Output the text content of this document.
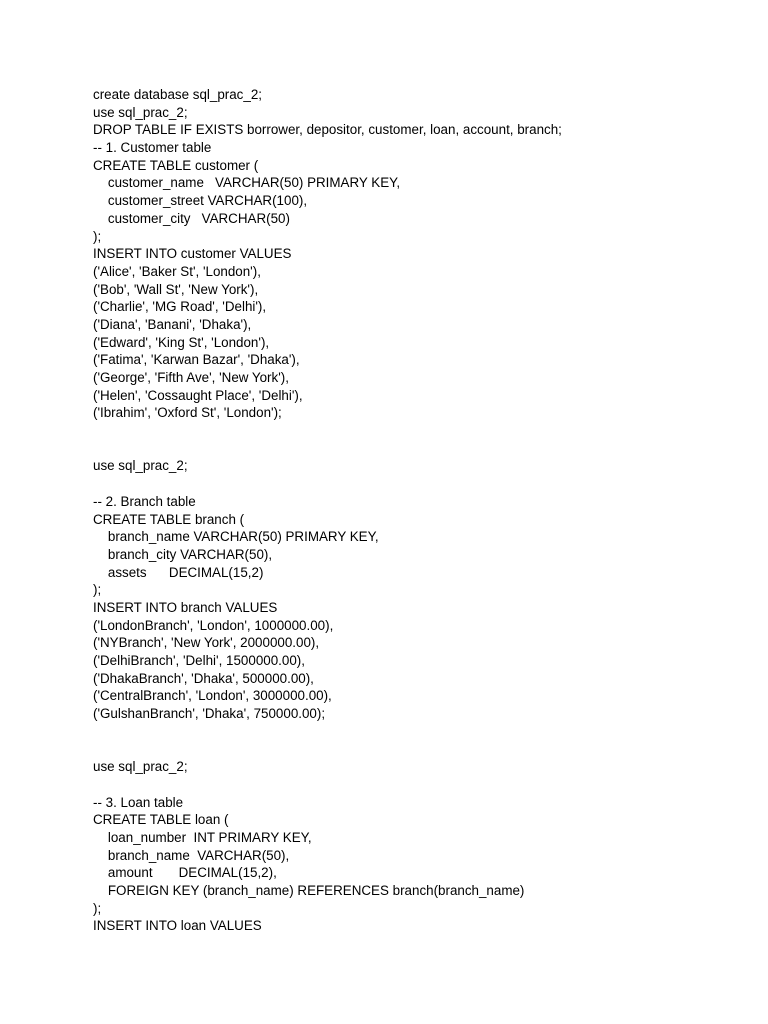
create database sql_prac_2;
use sql_prac_2;
DROP TABLE IF EXISTS borrower, depositor, customer, loan, account, branch;
-- 1. Customer table
CREATE TABLE customer (
customer_name   VARCHAR(50) PRIMARY KEY,
customer_street VARCHAR(100),
customer_city   VARCHAR(50)
);
INSERT INTO customer VALUES
('Alice', 'Baker St', 'London'),
('Bob', 'Wall St', 'New York'),
('Charlie', 'MG Road', 'Delhi'),
('Diana', 'Banani', 'Dhaka'),
('Edward', 'King St', 'London'),
('Fatima', 'Karwan Bazar', 'Dhaka'),
('George', 'Fifth Ave', 'New York'),
('Helen', 'Cossaught Place', 'Delhi'),
('Ibrahim', 'Oxford St', 'London');
use sql_prac_2;
-- 2. Branch table
CREATE TABLE branch (
branch_name VARCHAR(50) PRIMARY KEY,
branch_city VARCHAR(50),
assets      DECIMAL(15,2)
);
INSERT INTO branch VALUES
('LondonBranch', 'London', 1000000.00),
('NYBranch', 'New York', 2000000.00),
('DelhiBranch', 'Delhi', 1500000.00),
('DhakaBranch', 'Dhaka', 500000.00),
('CentralBranch', 'London', 3000000.00),
('GulshanBranch', 'Dhaka', 750000.00);
use sql_prac_2;
-- 3. Loan table
CREATE TABLE loan (
loan_number  INT PRIMARY KEY,
branch_name  VARCHAR(50),
amount       DECIMAL(15,2),
FOREIGN KEY (branch_name) REFERENCES branch(branch_name)
);
INSERT INTO loan VALUES
